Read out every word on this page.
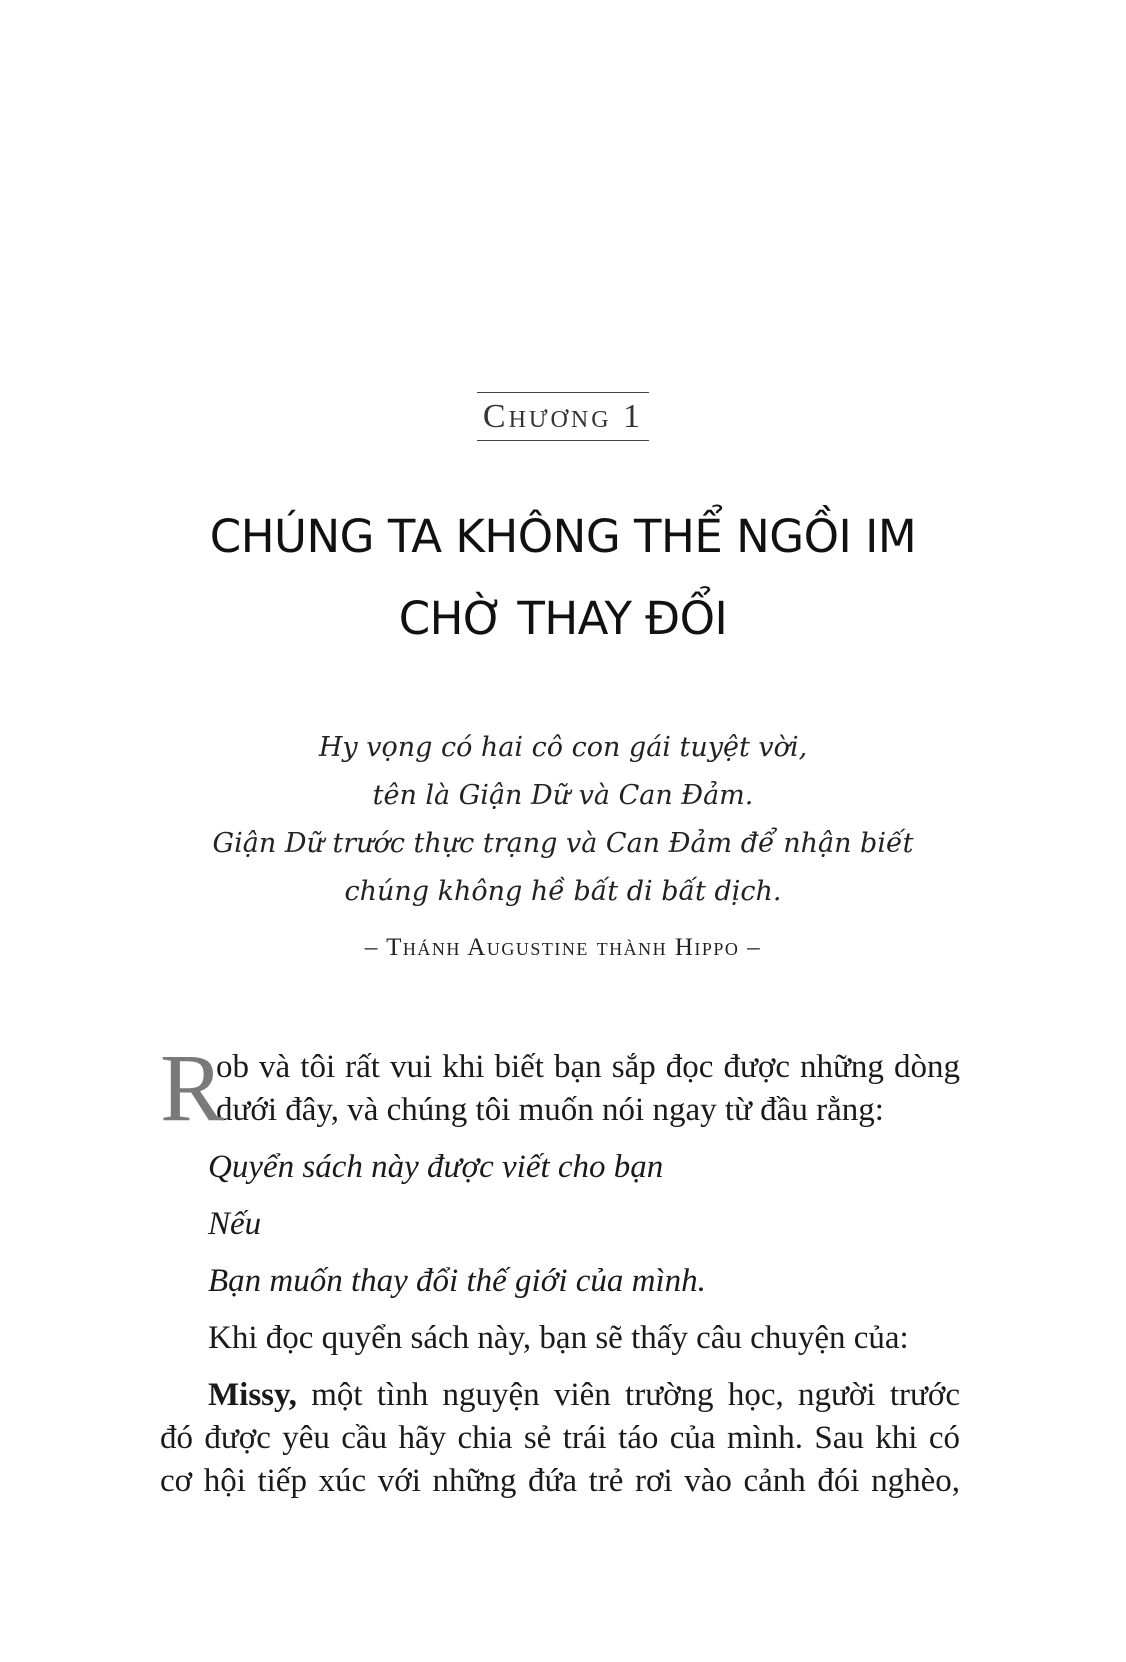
Chương 1
CHÚNG TA KHÔNG THỂ NGỒI IM
CHỜ THAY ĐỔI
Hy vọng có hai cô con gái tuyệt vời,
tên là Giận Dữ và Can Đảm.
Giận Dữ trước thực trạng và Can Đảm để nhận biết
chúng không hề bất di bất dịch.
– Thánh Augustine thành Hippo –
R
ob và tôi rất vui khi biết bạn sắp đọc được những dòng
dưới đây, và chúng tôi muốn nói ngay từ đầu rằng:

Quyển sách này được viết cho bạn

Nếu

Bạn muốn thay đổi thế giới của mình.

Khi đọc quyển sách này, bạn sẽ thấy câu chuyện của:

Missy, một tình nguyện viên trường học, người trước
đó được yêu cầu hãy chia sẻ trái táo của mình. Sau khi có
cơ hội tiếp xúc với những đứa trẻ rơi vào cảnh đói nghèo,
